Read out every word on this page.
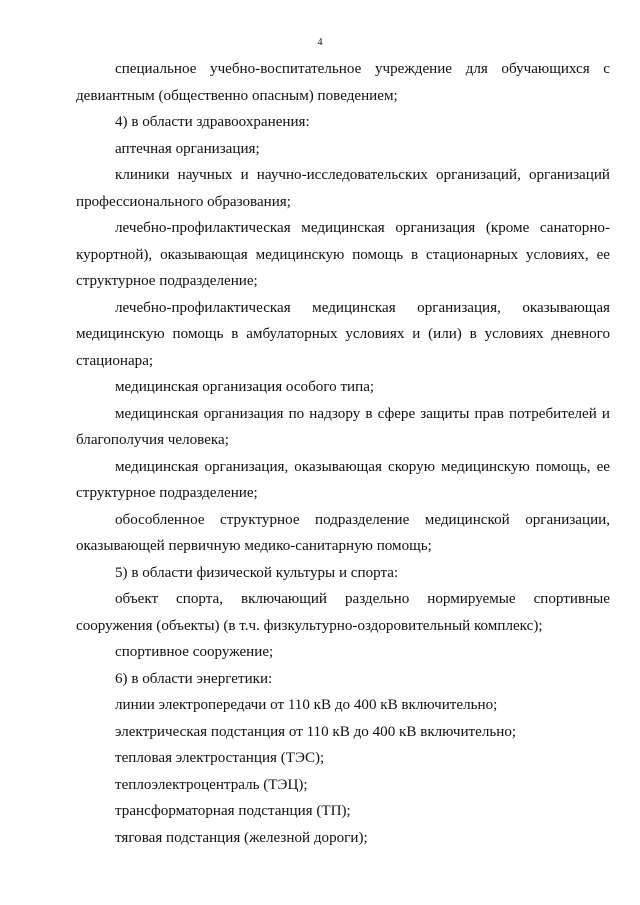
4

специальное учебно-воспитательное учреждение для обучающихся с девиантным (общественно опасным) поведением;

4) в области здравоохранения:

аптечная организация;

клиники научных и научно-исследовательских организаций, организаций профессионального образования;

лечебно-профилактическая медицинская организация (кроме санаторно-курортной), оказывающая медицинскую помощь в стационарных условиях, ее структурное подразделение;

лечебно-профилактическая медицинская организация, оказывающая медицинскую помощь в амбулаторных условиях и (или) в условиях дневного стационара;

медицинская организация особого типа;

медицинская организация по надзору в сфере защиты прав потребителей и благополучия человека;

медицинская организация, оказывающая скорую медицинскую помощь, ее структурное подразделение;

обособленное структурное подразделение медицинской организации, оказывающей первичную медико-санитарную помощь;

5) в области физической культуры и спорта:

объект спорта, включающий раздельно нормируемые спортивные сооружения (объекты) (в т.ч. физкультурно-оздоровительный комплекс);

спортивное сооружение;

6) в области энергетики:

линии электропередачи от 110 кВ до 400 кВ включительно;

электрическая подстанция от 110 кВ до 400 кВ включительно;

тепловая электростанция (ТЭС);

теплоэлектроцентраль (ТЭЦ);

трансформаторная подстанция (ТП);

тяговая подстанция (железной дороги);
